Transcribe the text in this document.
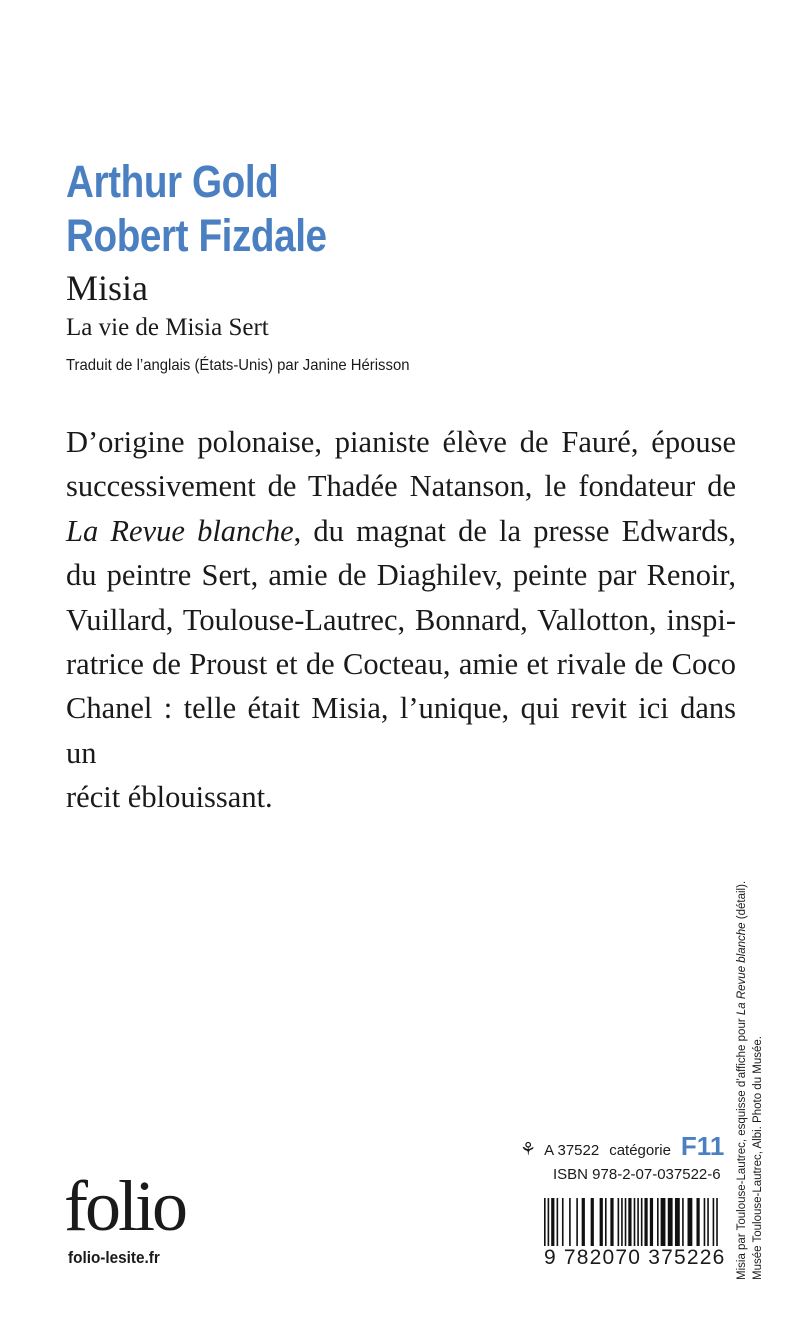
Arthur Gold
Robert Fizdale
Misia
La vie de Misia Sert
Traduit de l’anglais (États-Unis) par Janine Hérisson
D’origine polonaise, pianiste élève de Fauré, épouse
successivement de Thadée Natanson, le fondateur de
La Revue blanche, du magnat de la presse Edwards,
du peintre Sert, amie de Diaghilev, peinte par Renoir,
Vuillard, Toulouse-Lautrec, Bonnard, Vallotton, inspi-
ratrice de Proust et de Cocteau, amie et rivale de Coco
Chanel : telle était Misia, l’unique, qui revit ici dans un
récit éblouissant.
Misia par Toulouse-Lautrec, esquisse d’affiche pour La Revue blanche (détail).
Musée Toulouse-Lautrec, Albi. Photo du Musée.
⚘ A 37522 catégorie F11
ISBN 978-2-07-037522-6
9 782070 375226
folio
folio-lesite.fr
